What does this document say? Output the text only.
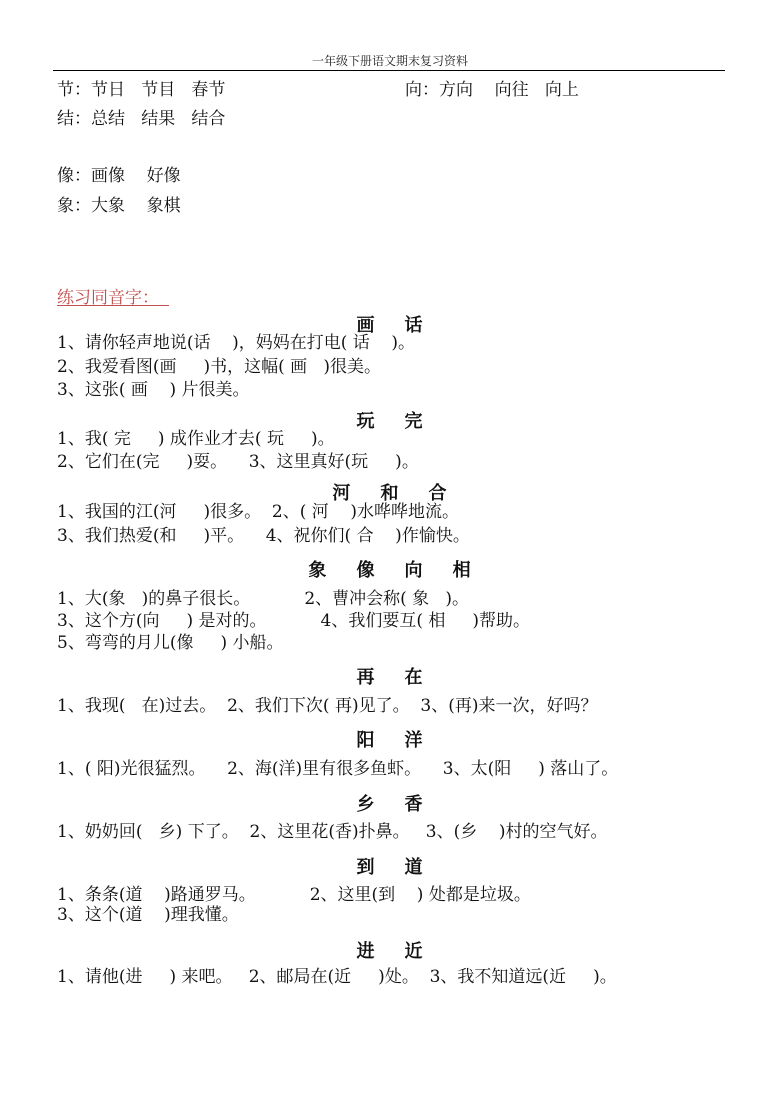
一年级下册语文期末复习资料
节：节日   节目   春节	向：方向    向往   向上
结：总结   结果   结合
像：画像    好像
象：大象    象棋
练习同音字：
画    话
1、请你轻声地说(话    )，妈妈在打电( 话    )。
2、我爱看图(画     )书，这幅( 画   )很美。
3、这张( 画    ) 片很美。
玩    完
1、我( 完     ) 成作业才去( 玩     )。
2、它们在(完     )耍。    3、这里真好(玩     )。
河    和    合
1、我国的江(河     )很多。  2、( 河    )水哗哗地流。
3、我们热爱(和     )平。    4、祝你们( 合    )作愉快。
象    像    向    相
1、大(象   )的鼻子很长。          2、曹冲会称( 象   )。
3、这个方(向     ) 是对的。          4、我们要互( 相     )帮助。
5、弯弯的月儿(像     ) 小船。
再    在
1、我现(   在)过去。  2、我们下次( 再)见了。  3、(再)来一次，好吗？
阳    洋
1、( 阳)光很猛烈。    2、海(洋)里有很多鱼虾。    3、太(阳     ) 落山了。
乡    香
1、奶奶回(   乡) 下了。  2、这里花(香)扑鼻。   3、(乡    )村的空气好。
到    道
1、条条(道    )路通罗马。          2、这里(到    ) 处都是垃圾。
3、这个(道    )理我懂。
进    近
1、请他(进     ) 来吧。   2、邮局在(近     )处。  3、我不知道远(近     )。
